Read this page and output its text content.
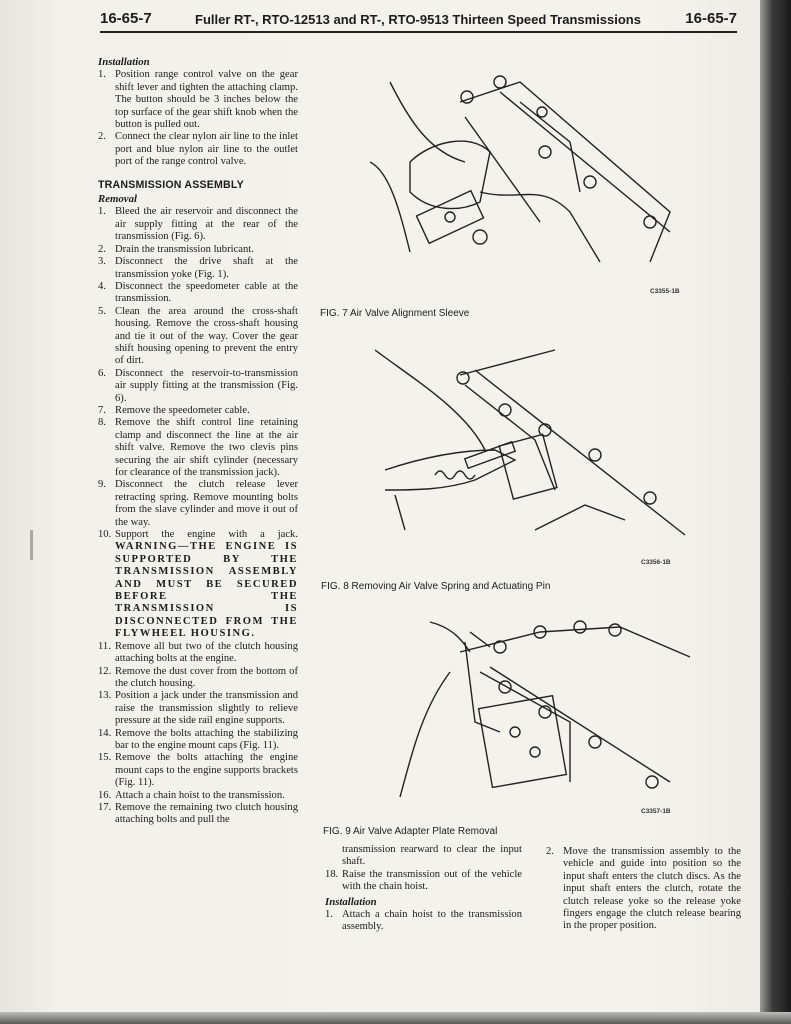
16-65-7	Fuller RT-, RTO-12513 and RT-, RTO-9513 Thirteen Speed Transmissions	16-65-7
Installation
1. Position range control valve on the gear shift lever and tighten the attaching clamp. The button should be 3 inches below the top surface of the gear shift knob when the button is pulled out.
2. Connect the clear nylon air line to the inlet port and blue nylon air line to the outlet port of the range control valve.
TRANSMISSION ASSEMBLY
Removal
1. Bleed the air reservoir and disconnect the air supply fitting at the rear of the transmission (Fig. 6).
2. Drain the transmission lubricant.
3. Disconnect the drive shaft at the transmission yoke (Fig. 1).
4. Disconnect the speedometer cable at the transmission.
5. Clean the area around the cross-shaft housing. Remove the cross-shaft housing and tie it out of the way. Cover the gear shift housing opening to prevent the entry of dirt.
6. Disconnect the reservoir-to-transmission air supply fitting at the transmission (Fig. 6).
7. Remove the speedometer cable.
8. Remove the shift control line retaining clamp and disconnect the line at the air shift valve. Remove the two clevis pins securing the air shift cylinder (necessary for clearance of the transmission jack).
9. Disconnect the clutch release lever retracting spring. Remove mounting bolts from the slave cylinder and move it out of the way.
10. Support the engine with a jack. WARNING—THE ENGINE IS SUPPORTED BY THE TRANSMISSION ASSEMBLY AND MUST BE SECURED BEFORE THE TRANSMISSION IS DISCONNECTED FROM THE FLYWHEEL HOUSING.
11. Remove all but two of the clutch housing attaching bolts at the engine.
12. Remove the dust cover from the bottom of the clutch housing.
13. Position a jack under the transmission and raise the transmission slightly to relieve pressure at the side rail engine supports.
14. Remove the bolts attaching the stabilizing bar to the engine mount caps (Fig. 11).
15. Remove the bolts attaching the engine mount caps to the engine supports brackets (Fig. 11).
16. Attach a chain hoist to the transmission.
17. Remove the remaining two clutch housing attaching bolts and pull the
C3355-1B
FIG. 7 Air Valve Alignment Sleeve
C3356-1B
FIG. 8 Removing Air Valve Spring and Actuating Pin
C3357-1B
FIG. 9 Air Valve Adapter Plate Removal
transmission rearward to clear the input shaft.
18. Raise the transmission out of the vehicle with the chain hoist.
Installation
1. Attach a chain hoist to the transmission assembly.
2. Move the transmission assembly to the vehicle and guide into position so the input shaft enters the clutch discs. As the input shaft enters the clutch, rotate the clutch release yoke so the release yoke fingers engage the clutch release bearing in the proper position.
